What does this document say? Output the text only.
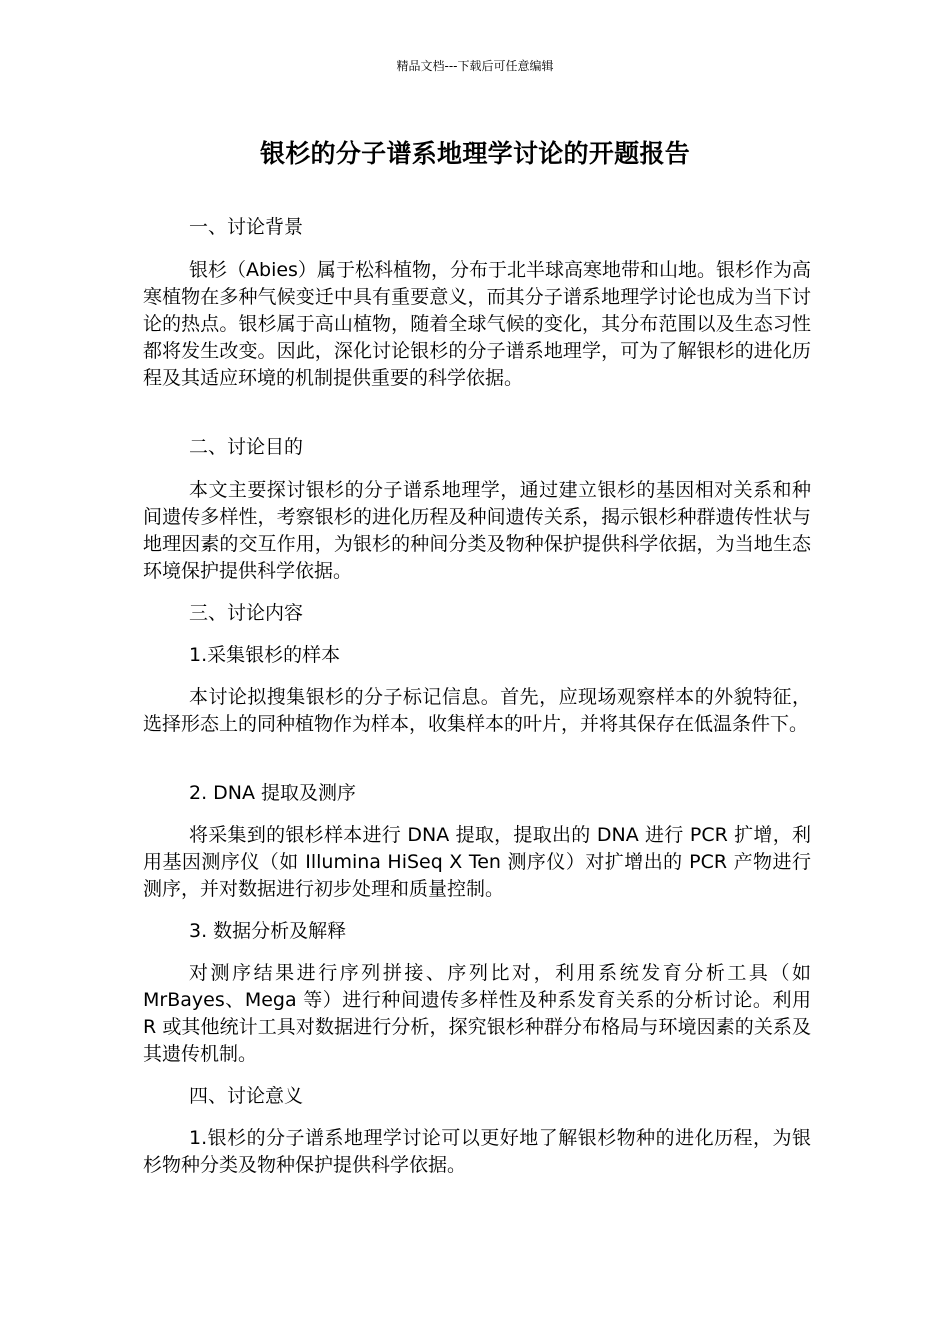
精品文档---下载后可任意编辑
银杉的分子谱系地理学讨论的开题报告
一、讨论背景
银杉（Abies）属于松科植物，分布于北半球高寒地带和山地。银杉作为高寒植物在多种气候变迁中具有重要意义，而其分子谱系地理学讨论也成为当下讨论的热点。银杉属于高山植物，随着全球气候的变化，其分布范围以及生态习性都将发生改变。因此，深化讨论银杉的分子谱系地理学，可为了解银杉的进化历程及其适应环境的机制提供重要的科学依据。
二、讨论目的
本文主要探讨银杉的分子谱系地理学，通过建立银杉的基因相对关系和种间遗传多样性，考察银杉的进化历程及种间遗传关系，揭示银杉种群遗传性状与地理因素的交互作用，为银杉的种间分类及物种保护提供科学依据，为当地生态环境保护提供科学依据。
三、讨论内容
1.采集银杉的样本
本讨论拟搜集银杉的分子标记信息。首先，应现场观察样本的外貌特征，选择形态上的同种植物作为样本，收集样本的叶片，并将其保存在低温条件下。
2. DNA 提取及测序
将采集到的银杉样本进行 DNA 提取，提取出的 DNA 进行 PCR 扩增，利用基因测序仪（如 Illumina HiSeq X Ten 测序仪）对扩增出的 PCR 产物进行测序，并对数据进行初步处理和质量控制。
3. 数据分析及解释
对测序结果进行序列拼接、序列比对，利用系统发育分析工具（如 MrBayes、Mega 等）进行种间遗传多样性及种系发育关系的分析讨论。利用 R 或其他统计工具对数据进行分析，探究银杉种群分布格局与环境因素的关系及其遗传机制。
四、讨论意义
1.银杉的分子谱系地理学讨论可以更好地了解银杉物种的进化历程，为银杉物种分类及物种保护提供科学依据。
